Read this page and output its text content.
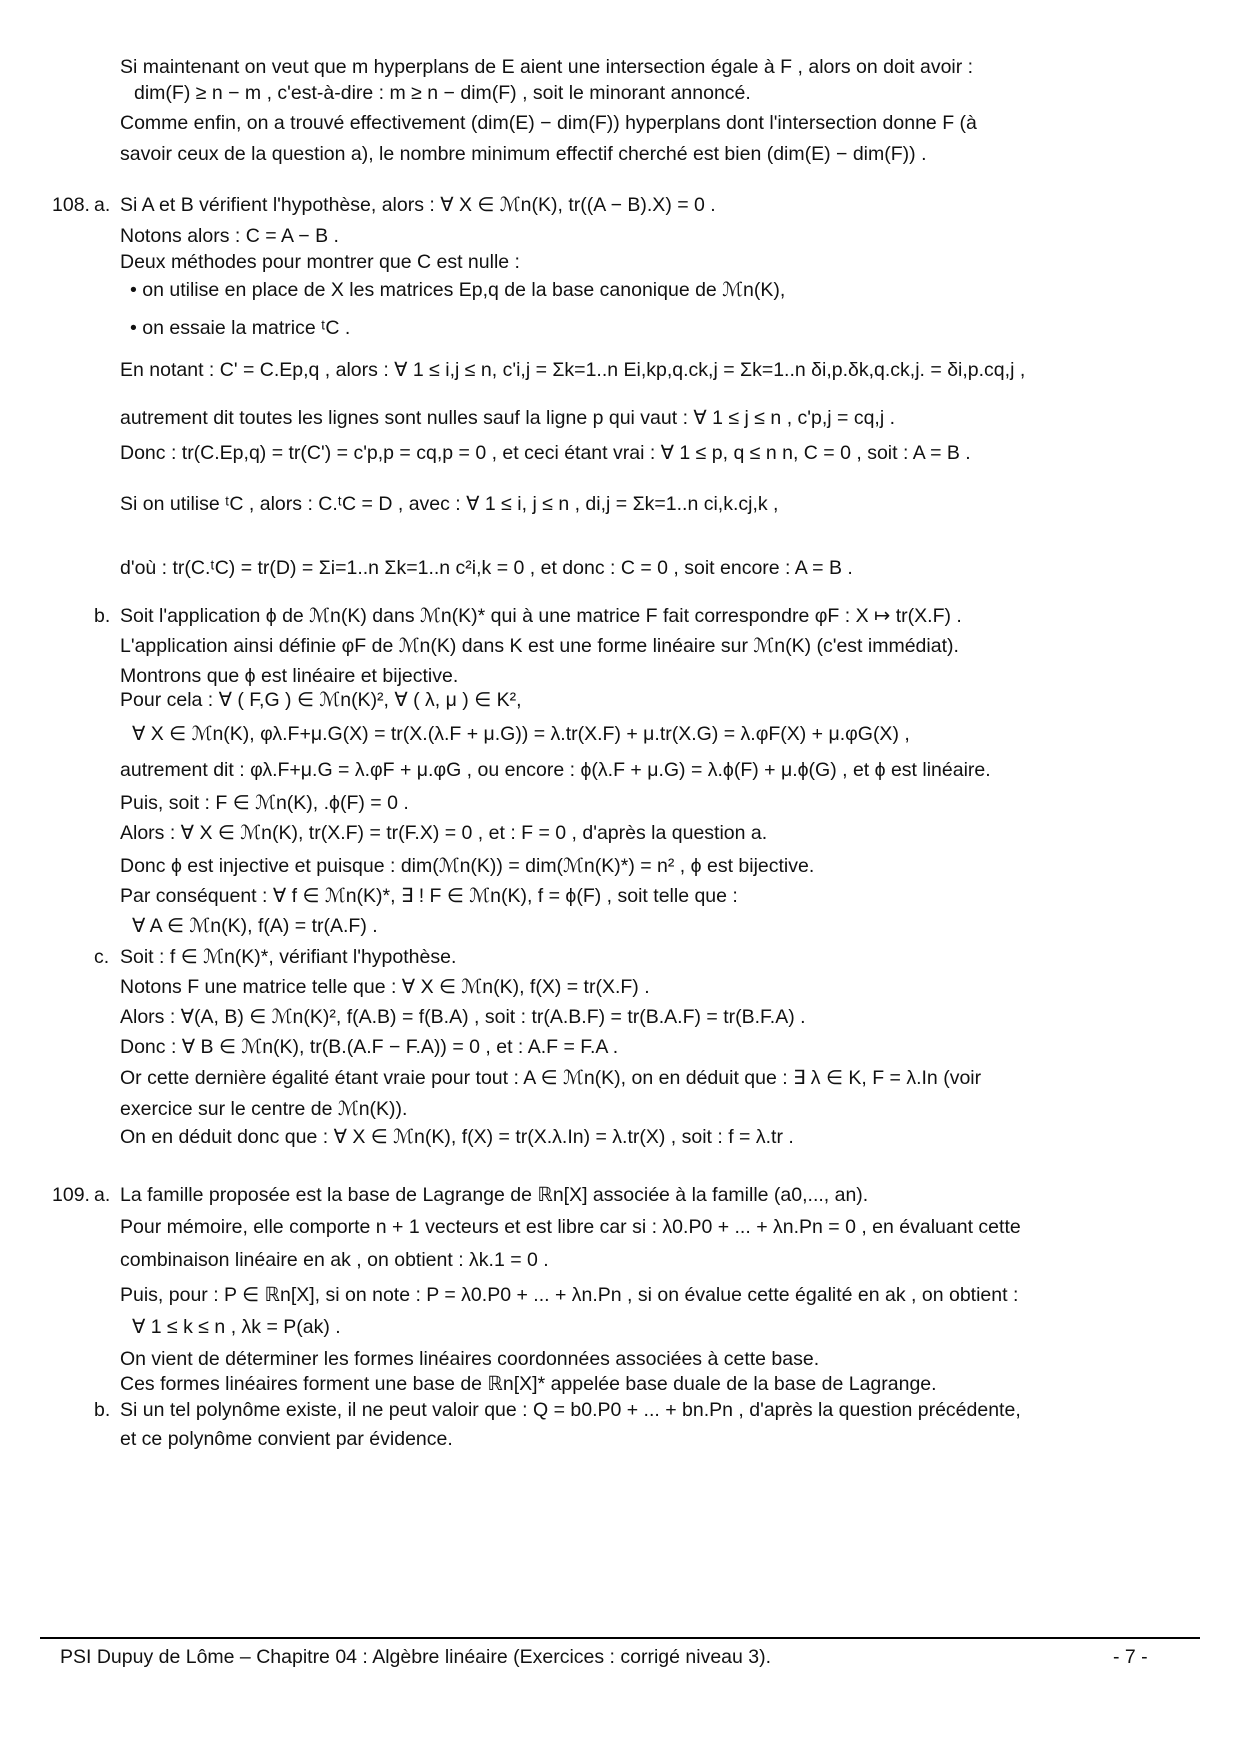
Si maintenant on veut que m hyperplans de E aient une intersection égale à F , alors on doit avoir :
dim(F) ≥ n − m , c'est-à-dire : m ≥ n − dim(F) , soit le minorant annoncé.
Comme enfin, on a trouvé effectivement (dim(E) − dim(F)) hyperplans dont l'intersection donne F (à
savoir ceux de la question a), le nombre minimum effectif cherché est bien (dim(E) − dim(F)) .
108. a. Si A et B vérifient l'hypothèse, alors : ∀ X ∈ ℳn(K), tr((A − B).X) = 0 .
Notons alors : C = A − B .
Deux méthodes pour montrer que C est nulle :
• on utilise en place de X les matrices Ep,q de la base canonique de ℳn(K),
• on essaie la matrice ᵗC .
En notant : C' = C.Ep,q , alors : ∀ 1 ≤ i,j ≤ n, c'i,j = Σk=1..n Ei,kp,q.ck,j = Σk=1..n δi,p.δk,q.ck,j. = δi,p.cq,j ,
autrement dit toutes les lignes sont nulles sauf la ligne p qui vaut : ∀ 1 ≤ j ≤ n , c'p,j = cq,j .
Donc : tr(C.Ep,q) = tr(C') = c'p,p = cq,p = 0 , et ceci étant vrai : ∀ 1 ≤ p, q ≤ n n, C = 0 , soit : A = B .
Si on utilise ᵗC , alors : C.ᵗC = D , avec : ∀ 1 ≤ i, j ≤ n , di,j = Σk=1..n ci,k.cj,k ,
d'où : tr(C.ᵗC) = tr(D) = Σi=1..n Σk=1..n c²i,k = 0 , et donc : C = 0 , soit encore : A = B .
b. Soit l'application ϕ de ℳn(K) dans ℳn(K)* qui à une matrice F fait correspondre φF : X ↦ tr(X.F) .
L'application ainsi définie φF de ℳn(K) dans K est une forme linéaire sur ℳn(K) (c'est immédiat).
Montrons que ϕ est linéaire et bijective.
Pour cela : ∀ ( F,G ) ∈ ℳn(K)², ∀ ( λ, μ ) ∈ K²,
∀ X ∈ ℳn(K), φλ.F+μ.G(X) = tr(X.(λ.F + μ.G)) = λ.tr(X.F) + μ.tr(X.G) = λ.φF(X) + μ.φG(X) ,
autrement dit : φλ.F+μ.G = λ.φF + μ.φG , ou encore : ϕ(λ.F + μ.G) = λ.ϕ(F) + μ.ϕ(G) , et ϕ est linéaire.
Puis, soit : F ∈ ℳn(K), .ϕ(F) = 0 .
Alors : ∀ X ∈ ℳn(K), tr(X.F) = tr(F.X) = 0 , et : F = 0 , d'après la question a.
Donc ϕ est injective et puisque : dim(ℳn(K)) = dim(ℳn(K)*) = n² , ϕ est bijective.
Par conséquent : ∀ f ∈ ℳn(K)*, ∃ ! F ∈ ℳn(K), f = ϕ(F) , soit telle que :
∀ A ∈ ℳn(K), f(A) = tr(A.F) .
c. Soit : f ∈ ℳn(K)*, vérifiant l'hypothèse.
Notons F une matrice telle que : ∀ X ∈ ℳn(K), f(X) = tr(X.F) .
Alors : ∀(A, B) ∈ ℳn(K)², f(A.B) = f(B.A) , soit : tr(A.B.F) = tr(B.A.F) = tr(B.F.A) .
Donc : ∀ B ∈ ℳn(K), tr(B.(A.F − F.A)) = 0 , et : A.F = F.A .
Or cette dernière égalité étant vraie pour tout : A ∈ ℳn(K), on en déduit que : ∃ λ ∈ K, F = λ.In (voir
exercice sur le centre de ℳn(K)).
On en déduit donc que : ∀ X ∈ ℳn(K), f(X) = tr(X.λ.In) = λ.tr(X) , soit : f = λ.tr .
109. a. La famille proposée est la base de Lagrange de ℝn[X] associée à la famille (a0,..., an).
Pour mémoire, elle comporte n + 1 vecteurs et est libre car si : λ0.P0 + ... + λn.Pn = 0 , en évaluant cette
combinaison linéaire en ak , on obtient : λk.1 = 0 .
Puis, pour : P ∈ ℝn[X], si on note : P = λ0.P0 + ... + λn.Pn , si on évalue cette égalité en ak , on obtient :
∀ 1 ≤ k ≤ n , λk = P(ak) .
On vient de déterminer les formes linéaires coordonnées associées à cette base.
Ces formes linéaires forment une base de ℝn[X]* appelée base duale de la base de Lagrange.
b. Si un tel polynôme existe, il ne peut valoir que : Q = b0.P0 + ... + bn.Pn , d'après la question précédente,
et ce polynôme convient par évidence.
PSI Dupuy de Lôme – Chapitre 04 : Algèbre linéaire (Exercices : corrigé niveau 3).	- 7 -
